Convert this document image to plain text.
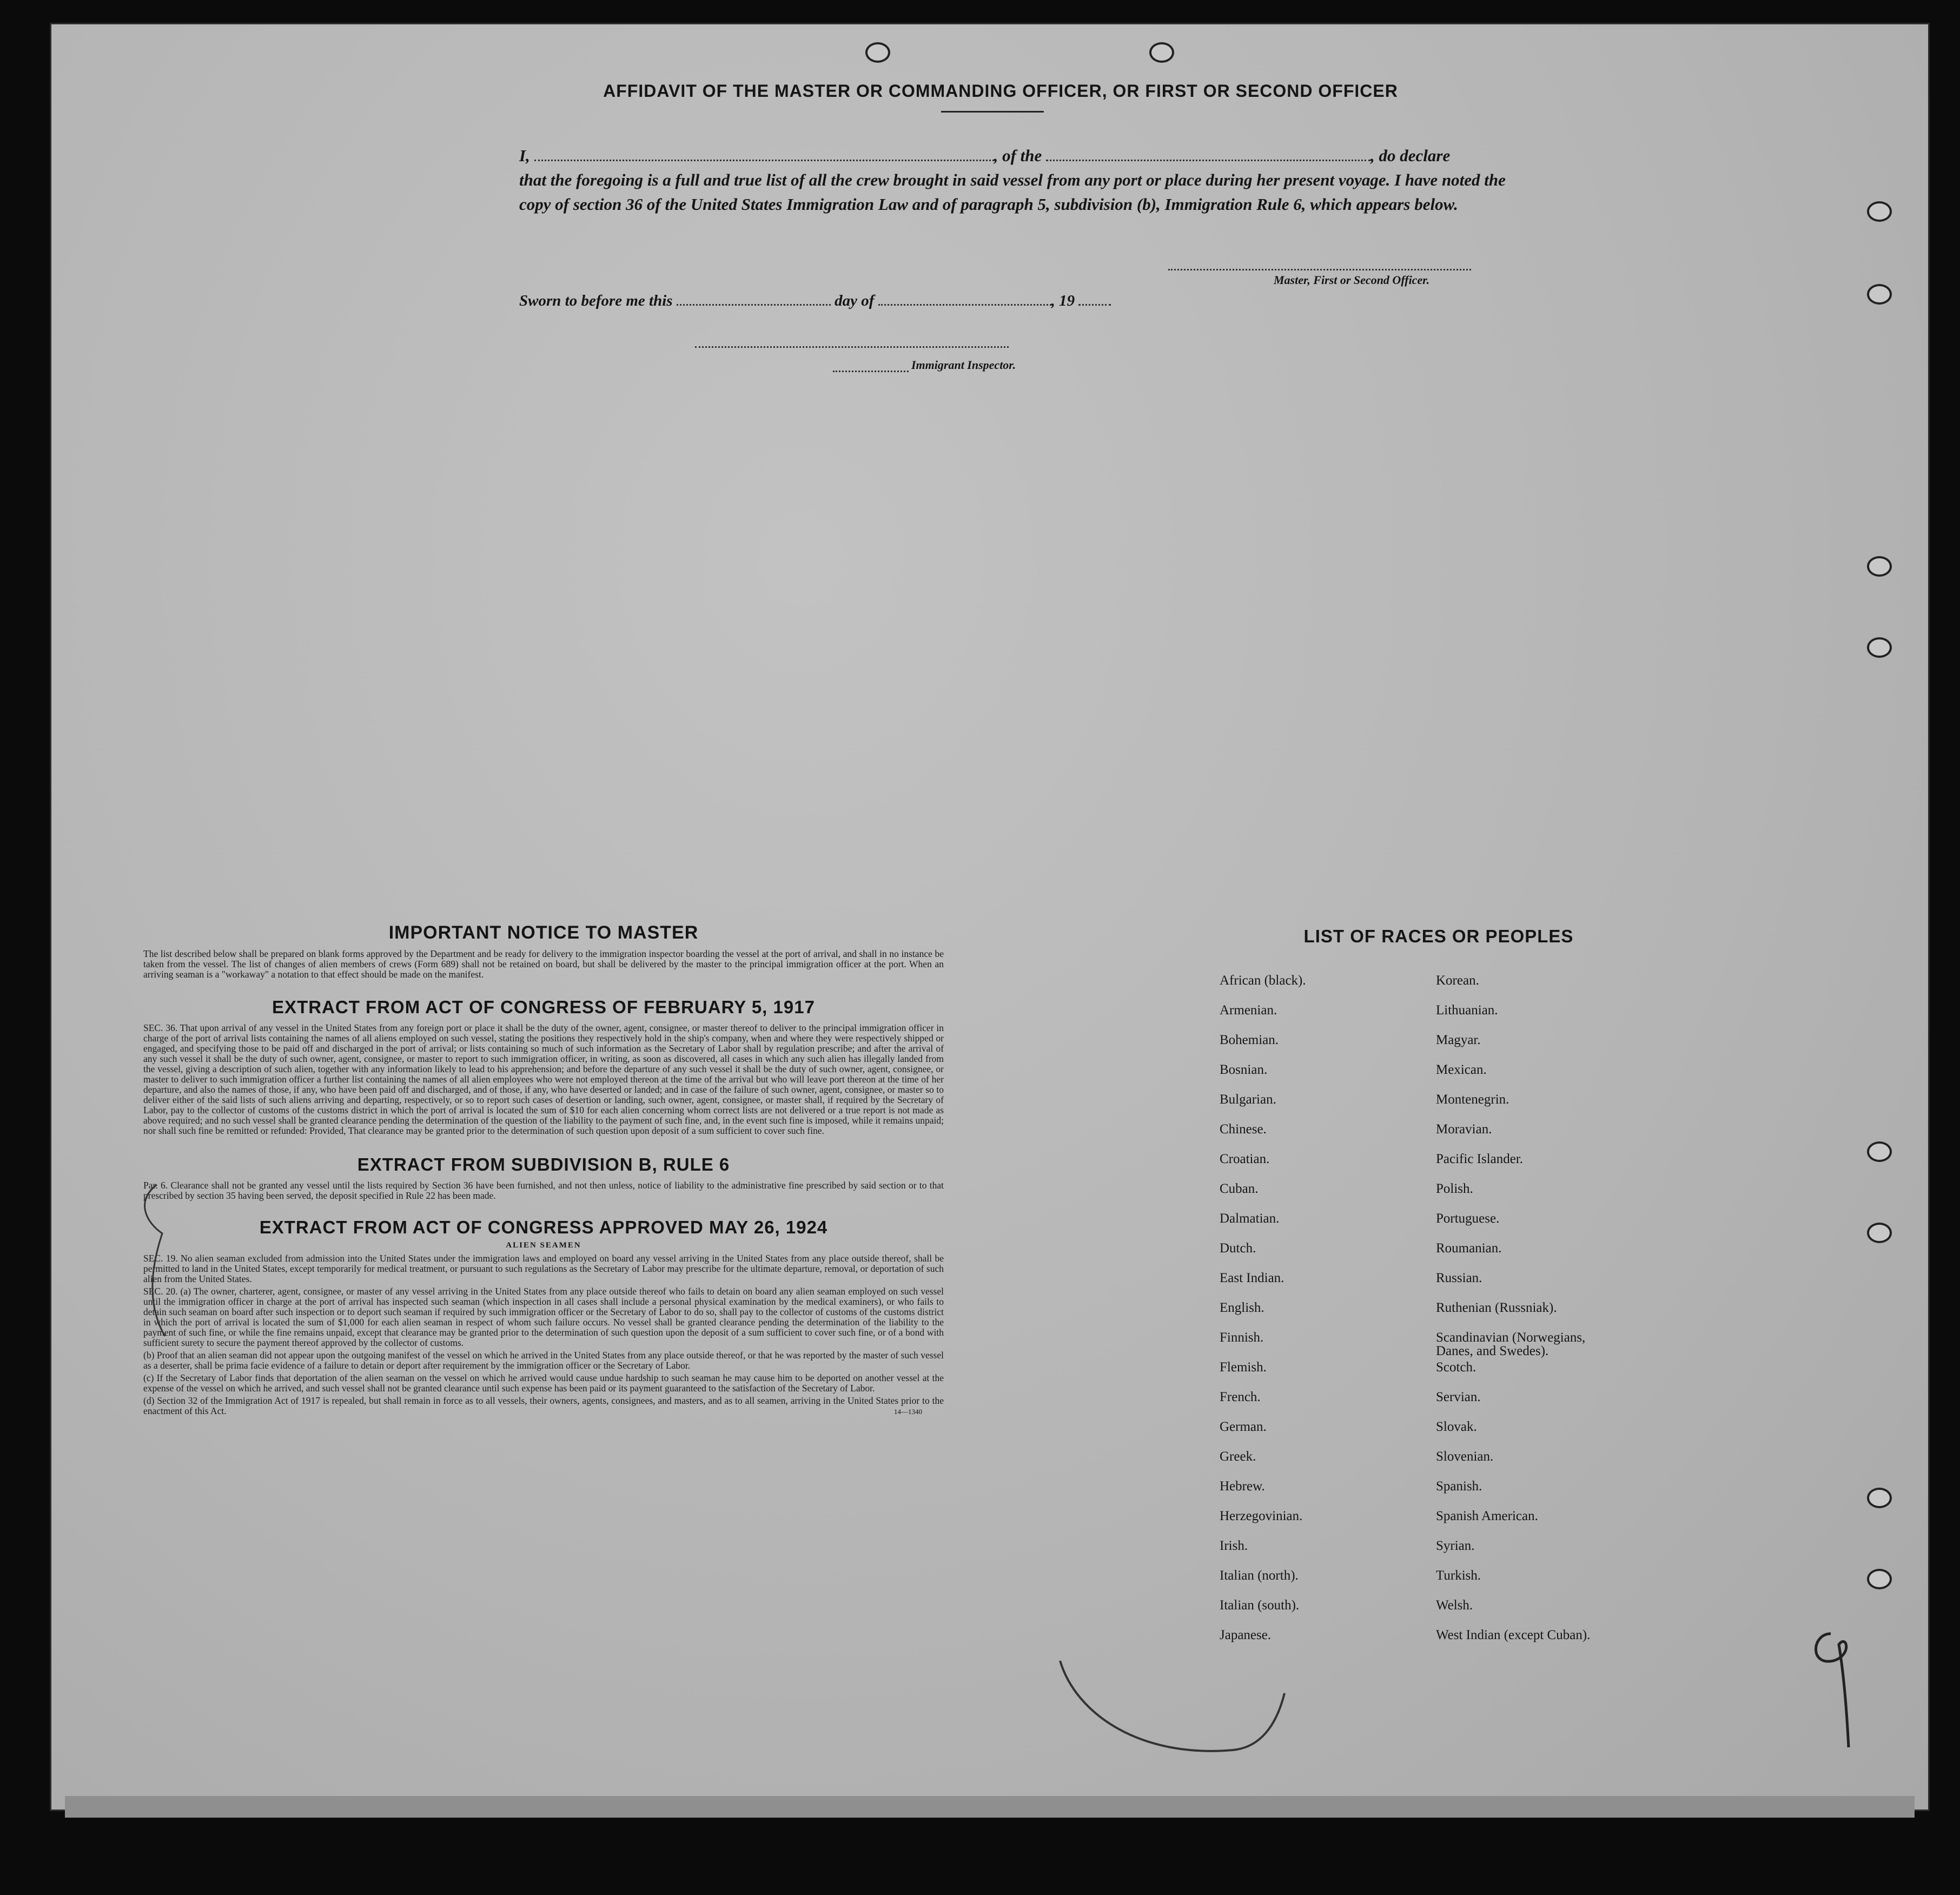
AFFIDAVIT OF THE MASTER OR COMMANDING OFFICER, OR FIRST OR SECOND OFFICER
I,	, of the	, do declare
that the foregoing is a full and true list of all the crew brought in said vessel from any port or place during her present voyage. I have noted the copy of section 36 of the United States Immigration Law and of paragraph 5, subdivision (b), Immigration Rule 6, which appears below.
Master, First or Second Officer.
Sworn to before me this	day of	, 19
Immigrant Inspector.
IMPORTANT NOTICE TO MASTER

The list described below shall be prepared on blank forms approved by the Department and be ready for delivery to the immigration inspector boarding the vessel at the port of arrival, and shall in no instance be taken from the vessel. The list of changes of alien members of crews (Form 689) shall not be retained on board, but shall be delivered by the master to the principal immigration officer at the port. When an arriving seaman is a "workaway" a notation to that effect should be made on the manifest.

EXTRACT FROM ACT OF CONGRESS OF FEBRUARY 5, 1917

SEC. 36. That upon arrival of any vessel in the United States from any foreign port or place it shall be the duty of the owner, agent, consignee, or master thereof to deliver to the principal immigration officer in charge of the port of arrival lists containing the names of all aliens employed on such vessel, stating the positions they respectively hold in the ship's company, when and where they were respectively shipped or engaged, and specifying those to be paid off and discharged in the port of arrival; or lists containing so much of such information as the Secretary of Labor shall by regulation prescribe; and after the arrival of any such vessel it shall be the duty of such owner, agent, consignee, or master to report to such immigration officer, in writing, as soon as discovered, all cases in which any such alien has illegally landed from the vessel, giving a description of such alien, together with any information likely to lead to his apprehension; and before the departure of any such vessel it shall be the duty of such owner, agent, consignee, or master to deliver to such immigration officer a further list containing the names of all alien employees who were not employed thereon at the time of the arrival but who will leave port thereon at the time of her departure, and also the names of those, if any, who have been paid off and discharged, and of those, if any, who have deserted or landed; and in case of the failure of such owner, agent, consignee, or master so to deliver either of the said lists of such aliens arriving and departing, respectively, or so to report such cases of desertion or landing, such owner, agent, consignee, or master shall, if required by the Secretary of Labor, pay to the collector of customs of the customs district in which the port of arrival is located the sum of $10 for each alien concerning whom correct lists are not delivered or a true report is not made as above required; and no such vessel shall be granted clearance pending the determination of the question of the liability to the payment of such fine, and, in the event such fine is imposed, while it remains unpaid; nor shall such fine be remitted or refunded: Provided, That clearance may be granted prior to the determination of such question upon deposit of a sum sufficient to cover such fine.

EXTRACT FROM SUBDIVISION B, RULE 6

Par. 6. Clearance shall not be granted any vessel until the lists required by Section 36 have been furnished, and not then unless, notice of liability to the administrative fine prescribed by said section or to that prescribed by section 35 having been served, the deposit specified in Rule 22 has been made.

EXTRACT FROM ACT OF CONGRESS APPROVED MAY 26, 1924
ALIEN SEAMEN

SEC. 19. No alien seaman excluded from admission into the United States under the immigration laws and employed on board any vessel arriving in the United States from any place outside thereof, shall be permitted to land in the United States, except temporarily for medical treatment, or pursuant to such regulations as the Secretary of Labor may prescribe for the ultimate departure, removal, or deportation of such alien from the United States.

SEC. 20. (a) The owner, charterer, agent, consignee, or master of any vessel arriving in the United States from any place outside thereof who fails to detain on board any alien seaman employed on such vessel until the immigration officer in charge at the port of arrival has inspected such seaman (which inspection in all cases shall include a personal physical examination by the medical examiners), or who fails to detain such seaman on board after such inspection or to deport such seaman if required by such immigration officer or the Secretary of Labor to do so, shall pay to the collector of customs of the customs district in which the port of arrival is located the sum of $1,000 for each alien seaman in respect of whom such failure occurs. No vessel shall be granted clearance pending the determination of the liability to the payment of such fine, or while the fine remains unpaid, except that clearance may be granted prior to the determination of such question upon the deposit of a sum sufficient to cover such fine, or of a bond with sufficient surety to secure the payment thereof approved by the collector of customs.

(b) Proof that an alien seaman did not appear upon the outgoing manifest of the vessel on which he arrived in the United States from any place outside thereof, or that he was reported by the master of such vessel as a deserter, shall be prima facie evidence of a failure to detain or deport after requirement by the immigration officer or the Secretary of Labor.

(c) If the Secretary of Labor finds that deportation of the alien seaman on the vessel on which he arrived would cause undue hardship to such seaman he may cause him to be deported on another vessel at the expense of the vessel on which he arrived, and such vessel shall not be granted clearance until such expense has been paid or its payment guaranteed to the satisfaction of the Secretary of Labor.

(d) Section 32 of the Immigration Act of 1917 is repealed, but shall remain in force as to all vessels, their owners, agents, consignees, and masters, and as to all seamen, arriving in the United States prior to the enactment of this Act.	14—1340
LIST OF RACES OR PEOPLES
African (black).	Korean.
Armenian.	Lithuanian.
Bohemian.	Magyar.
Bosnian.	Mexican.
Bulgarian.	Montenegrin.
Chinese.	Moravian.
Croatian.	Pacific Islander.
Cuban.	Polish.
Dalmatian.	Portuguese.
Dutch.	Roumanian.
East Indian.	Russian.
English.	Ruthenian (Russniak).
Finnish.	Scandinavian (Norwegians,
Danes, and Swedes).
Flemish.	Scotch.
French.	Servian.
German.	Slovak.
Greek.	Slovenian.
Hebrew.	Spanish.
Herzegovinian.	Spanish American.
Irish.	Syrian.
Italian (north).	Turkish.
Italian (south).	Welsh.
Japanese.	West Indian (except Cuban).
